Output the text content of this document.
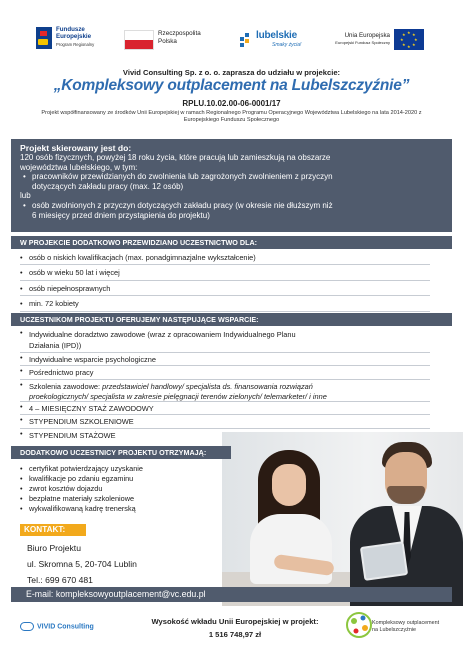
Fundusze
Europejskie
Program Regionalny
Rzeczpospolita
Polska
lubelskie
Smaky życia!
Unia Europejska
Europejski Fundusz Społeczny
★ ★
★
★
★
★
★
★
Vivid Consulting Sp. z o. o. zaprasza do udziału w projekcie:
„Kompleksowy outplacement na Lubelszczyźnie”
RPLU.10.02.00-06-0001/17
Projekt współfinansowany ze środków Unii Europejskiej w ramach Regionalnego Programu Operacyjnego Województwa Lubelskiego na lata 2014-2020 z Europejskiego Funduszu Społecznego
Projekt skierowany jest do:
120 osób fizycznych, powyżej 18 roku życia, które pracują lub zamieszkują na obszarze
województwa lubelskiego, w tym:
• pracowników przewidzianych do zwolnienia lub zagrożonych zwolnieniem z przyczyn
dotyczących zakładu pracy (max. 12 osób)
lub
• osób zwolnionych z przyczyn dotyczących zakładu pracy (w okresie nie dłuższym niż
6 miesięcy przed dniem przystąpienia do projektu)
W PROJEKCIE DODATKOWO PRZEWIDZIANO UCZESTNICTWO DLA:
• osób o niskich kwalifikacjach (max. ponadgimnazjalne wykształcenie)
• osób w wieku 50 lat i więcej
• osób niepełnosprawnych
• min. 72 kobiety
UCZESTNIKOM PROJEKTU OFERUJEMY NASTĘPUJĄCE WSPARCIE:
• Indywidualne doradztwo zawodowe (wraz z opracowaniem Indywidualnego Planu
Działania (IPD))
• Indywidualne wsparcie psychologiczne
• Pośrednictwo pracy
• Szkolenia zawodowe: przedstawiciel handlowy/ specjalista ds. finansowania rozwiązań
proekologicznych/ specjalista w zakresie pielęgnacji terenów zielonych/ telemarketer/ i inne
• 4 – MIESIĘCZNY STAŻ ZAWODOWY
• STYPENDIUM SZKOLENIOWE
• STYPENDIUM STAŻOWE
DODATKOWO UCZESTNICY PROJEKTU OTRZYMAJĄ:
• certyfikat potwierdzający uzyskanie
• kwalifikacje po zdaniu egzaminu
• zwrot kosztów dojazdu
• bezpłatne materiały szkoleniowe
• wykwalifikowaną kadrę trenerską
KONTAKT:
Biuro Projektu
ul. Skromna 5, 20-704 Lublin
Tel.: 699 670 481
E-mail: kompleksowyoutplacement@vc.edu.pl
VIVID Consulting
Wysokość wkładu Unii Europejskiej w projekt:
1 516 748,97 zł
Kompleksowy outplacement
na Lubelszczyźnie
